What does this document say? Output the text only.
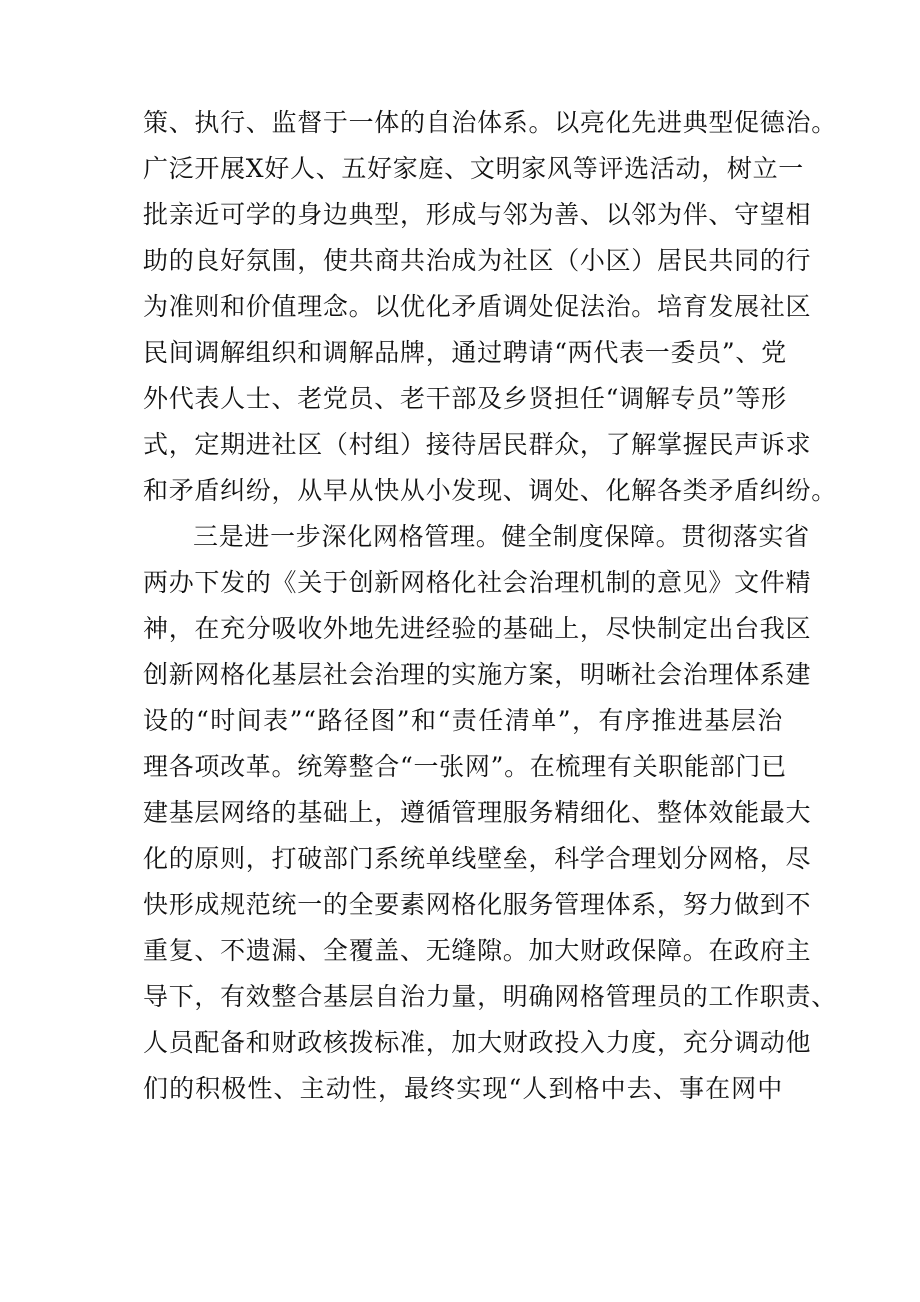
策、执行、监督于一体的自治体系。以亮化先进典型促德治。
广泛开展X好人、五好家庭、文明家风等评选活动，树立一
批亲近可学的身边典型，形成与邻为善、以邻为伴、守望相
助的良好氛围，使共商共治成为社区（小区）居民共同的行
为准则和价值理念。以优化矛盾调处促法治。培育发展社区
民间调解组织和调解品牌，通过聘请“两代表一委员”、党
外代表人士、老党员、老干部及乡贤担任“调解专员”等形
式，定期进社区（村组）接待居民群众，了解掌握民声诉求
和矛盾纠纷，从早从快从小发现、调处、化解各类矛盾纠纷。
三是进一步深化网格管理。健全制度保障。贯彻落实省
两办下发的《关于创新网格化社会治理机制的意见》文件精
神，在充分吸收外地先进经验的基础上，尽快制定出台我区
创新网格化基层社会治理的实施方案，明晰社会治理体系建
设的“时间表”“路径图”和“责任清单”，有序推进基层治
理各项改革。统筹整合“一张网”。在梳理有关职能部门已
建基层网络的基础上，遵循管理服务精细化、整体效能最大
化的原则，打破部门系统单线壁垒，科学合理划分网格，尽
快形成规范统一的全要素网格化服务管理体系，努力做到不
重复、不遗漏、全覆盖、无缝隙。加大财政保障。在政府主
导下，有效整合基层自治力量，明确网格管理员的工作职责、
人员配备和财政核拨标准，加大财政投入力度，充分调动他
们的积极性、主动性，最终实现“人到格中去、事在网中
